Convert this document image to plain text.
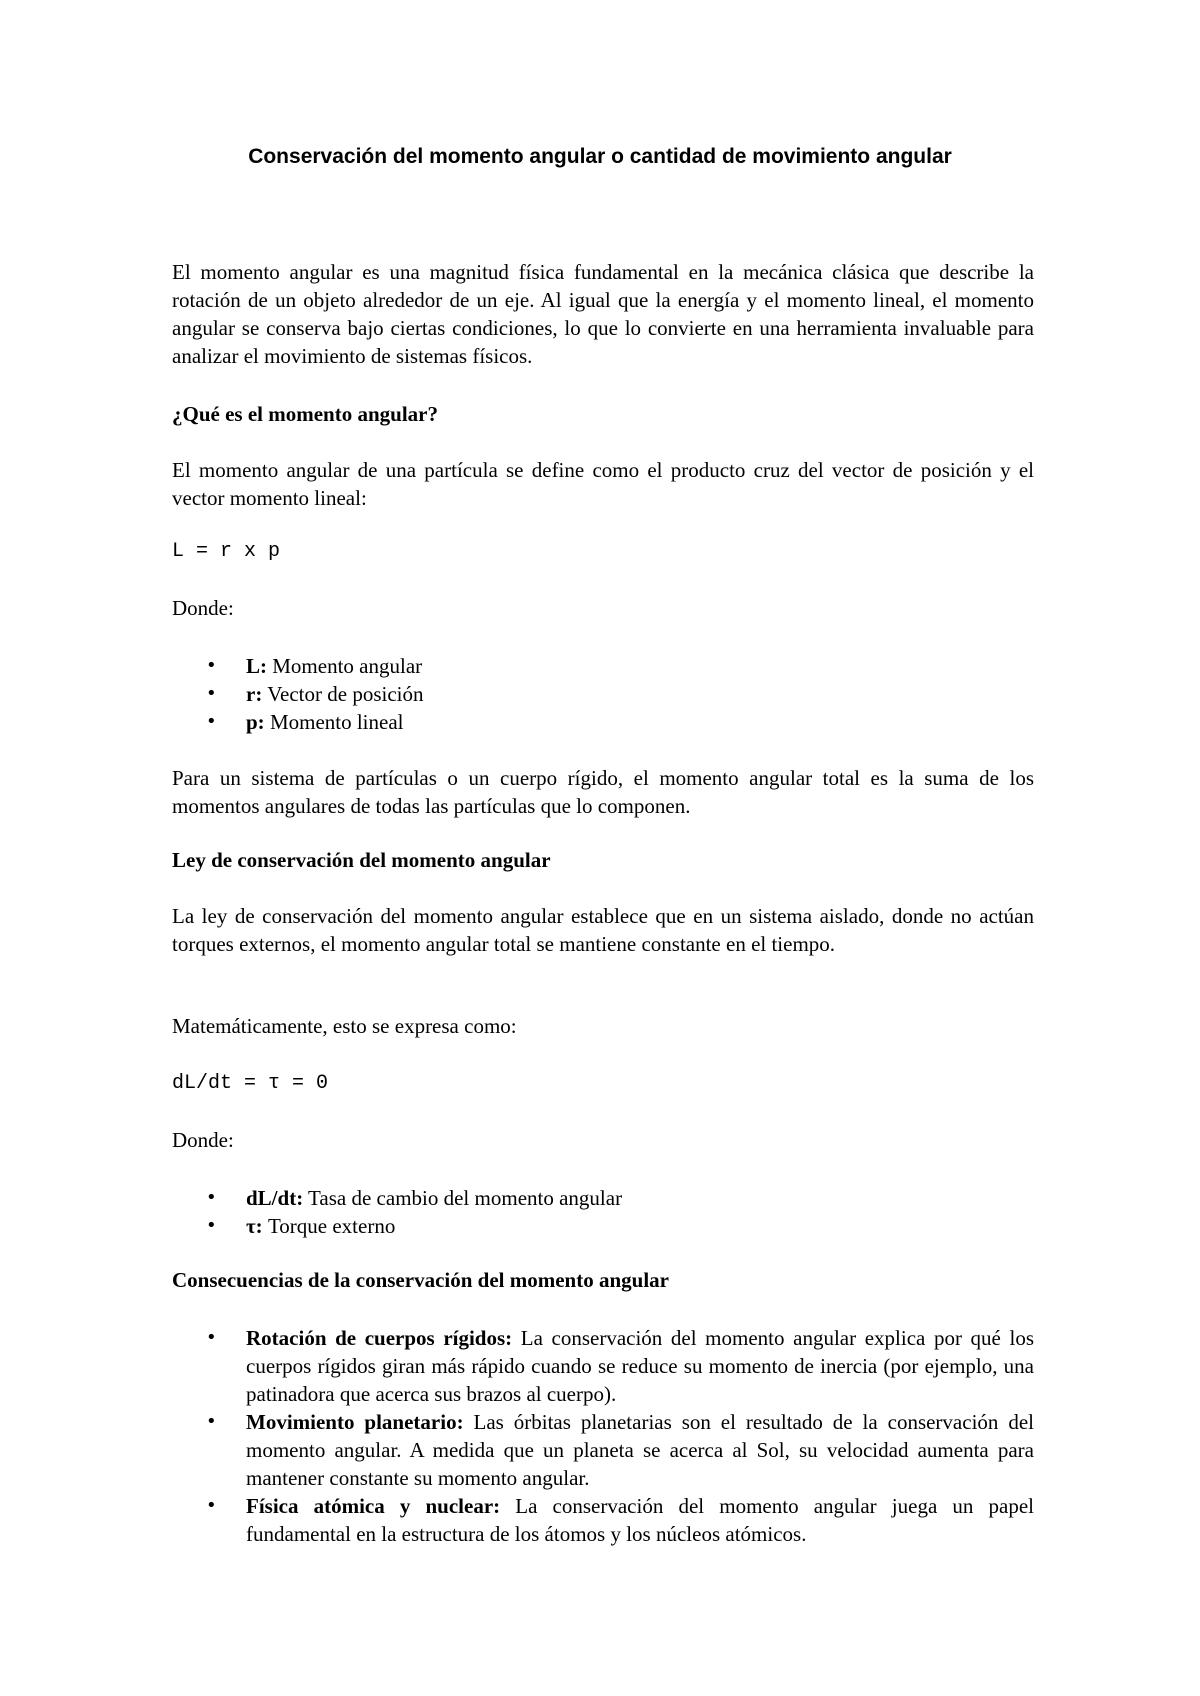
Conservación del momento angular o cantidad de movimiento angular
El momento angular es una magnitud física fundamental en la mecánica clásica que describe la rotación de un objeto alrededor de un eje. Al igual que la energía y el momento lineal, el momento angular se conserva bajo ciertas condiciones, lo que lo convierte en una herramienta invaluable para analizar el movimiento de sistemas físicos.
¿Qué es el momento angular?
El momento angular de una partícula se define como el producto cruz del vector de posición y el vector momento lineal:
L = r x p
Donde:
• L: Momento angular
• r: Vector de posición
• p: Momento lineal
Para un sistema de partículas o un cuerpo rígido, el momento angular total es la suma de los momentos angulares de todas las partículas que lo componen.
Ley de conservación del momento angular
La ley de conservación del momento angular establece que en un sistema aislado, donde no actúan torques externos, el momento angular total se mantiene constante en el tiempo.
Matemáticamente, esto se expresa como:
dL/dt = τ = 0
Donde:
• dL/dt: Tasa de cambio del momento angular
• τ: Torque externo
Consecuencias de la conservación del momento angular
• Rotación de cuerpos rígidos: La conservación del momento angular explica por qué los cuerpos rígidos giran más rápido cuando se reduce su momento de inercia (por ejemplo, una patinadora que acerca sus brazos al cuerpo).
• Movimiento planetario: Las órbitas planetarias son el resultado de la conservación del momento angular. A medida que un planeta se acerca al Sol, su velocidad aumenta para mantener constante su momento angular.
• Física atómica y nuclear: La conservación del momento angular juega un papel fundamental en la estructura de los átomos y los núcleos atómicos.
